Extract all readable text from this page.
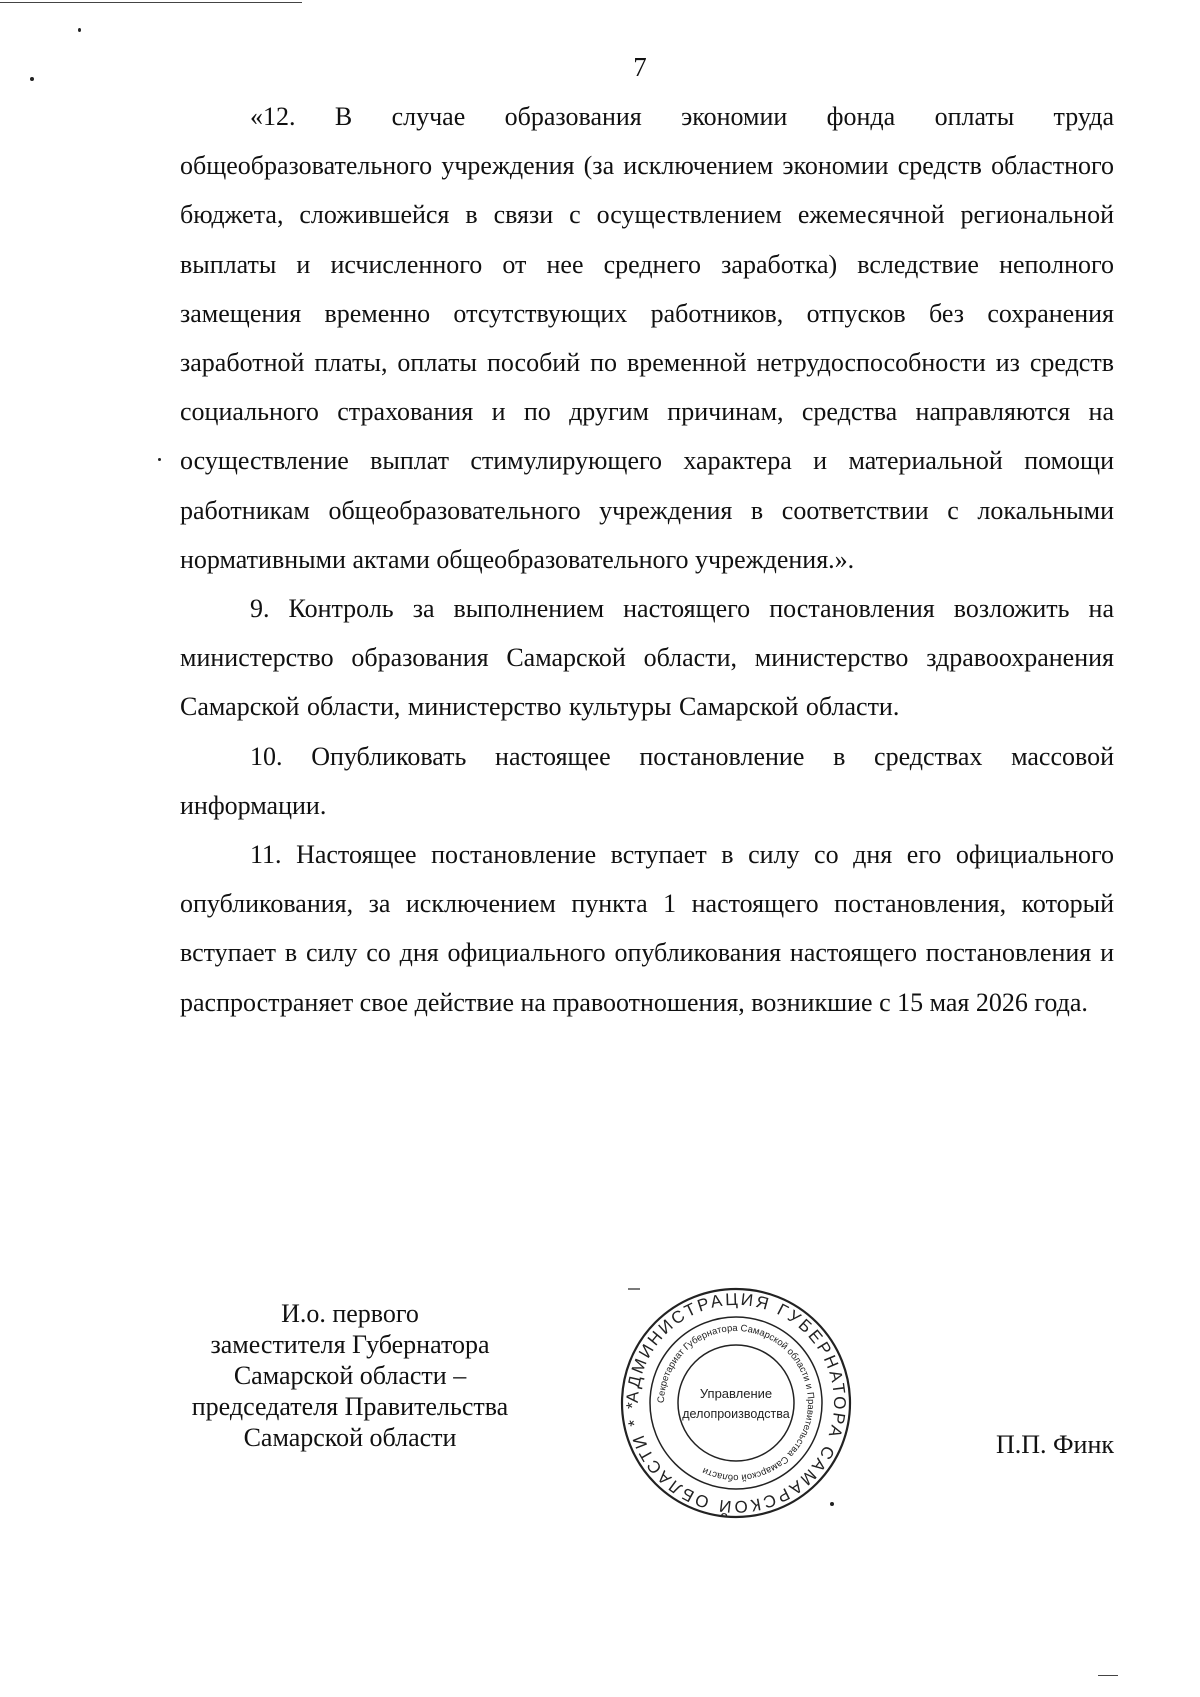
7

«12. В случае образования экономии фонда оплаты труда общеобразовательного учреждения (за исключением экономии средств областного бюджета, сложившейся в связи с осуществлением ежемесячной региональной выплаты и исчисленного от нее среднего заработка) вследствие неполного замещения временно отсутствующих работников, отпусков без сохранения заработной платы, оплаты пособий по временной нетрудоспособности из средств социального страхования и по другим причинам, средства направляются на осуществление выплат стимулирующего характера и материальной помощи работникам общеобразовательного учреждения в соответствии с локальными нормативными актами общеобразовательного учреждения.».

9. Контроль за выполнением настоящего постановления возложить на министерство образования Самарской области, министерство здравоохранения Самарской области, министерство культуры Самарской области.

10. Опубликовать настоящее постановление в средствах массовой информации.

11. Настоящее постановление вступает в силу со дня его официального опубликования, за исключением пункта 1 настоящего постановления, который вступает в силу со дня официального опубликования настоящего постановления и распространяет свое действие на правоотношения, возникшие с 15 мая 2026 года.

И.о. первого
заместителя Губернатора
Самарской области –
председателя Правительства
Самарской области
АДМИНИСТРАЦИЯ ГУБЕРНАТОРА САМАРСКОЙ ОБЛАСТИ * *
Секретариат Губернатора Самарской области и Правительства Самарской области
Управление
делопроизводства
П.П. Финк
